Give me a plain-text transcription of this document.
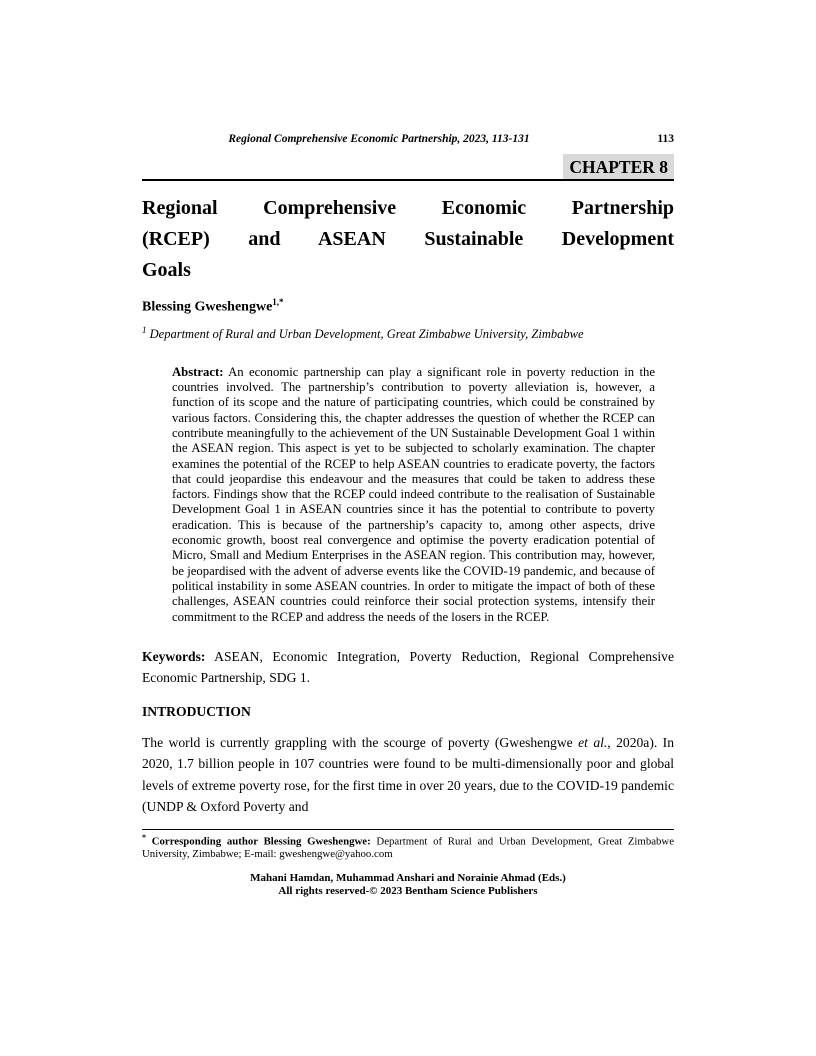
Regional Comprehensive Economic Partnership, 2023, 113-131	113
CHAPTER 8
Regional Comprehensive Economic Partnership
(RCEP) and ASEAN Sustainable Development
Goals
Blessing Gweshengwe$^{1,*}$
$^1$ Department of Rural and Urban Development, Great Zimbabwe University, Zimbabwe
Abstract: An economic partnership can play a significant role in poverty reduction in the countries involved. The partnership’s contribution to poverty alleviation is, however, a function of its scope and the nature of participating countries, which could be constrained by various factors. Considering this, the chapter addresses the question of whether the RCEP can contribute meaningfully to the achievement of the UN Sustainable Development Goal 1 within the ASEAN region. This aspect is yet to be subjected to scholarly examination. The chapter examines the potential of the RCEP to help ASEAN countries to eradicate poverty, the factors that could jeopardise this endeavour and the measures that could be taken to address these factors. Findings show that the RCEP could indeed contribute to the realisation of Sustainable Development Goal 1 in ASEAN countries since it has the potential to contribute to poverty eradication. This is because of the partnership’s capacity to, among other aspects, drive economic growth, boost real convergence and optimise the poverty eradication potential of Micro, Small and Medium Enterprises in the ASEAN region. This contribution may, however, be jeopardised with the advent of adverse events like the COVID-19 pandemic, and because of political instability in some ASEAN countries. In order to mitigate the impact of both of these challenges, ASEAN countries could reinforce their social protection systems, intensify their commitment to the RCEP and address the needs of the losers in the RCEP.
Keywords: ASEAN, Economic Integration, Poverty Reduction, Regional Comprehensive Economic Partnership, SDG 1.
INTRODUCTION
The world is currently grappling with the scourge of poverty (Gweshengwe et al., 2020a). In 2020, 1.7 billion people in 107 countries were found to be multi-dimensionally poor and global levels of extreme poverty rose, for the first time in over 20 years, due to the COVID-19 pandemic (UNDP & Oxford Poverty and
* Corresponding author Blessing Gweshengwe: Department of Rural and Urban Development, Great Zimbabwe University, Zimbabwe; E-mail: gweshengwe@yahoo.com
Mahani Hamdan, Muhammad Anshari and Norainie Ahmad (Eds.)
All rights reserved-© 2023 Bentham Science Publishers
